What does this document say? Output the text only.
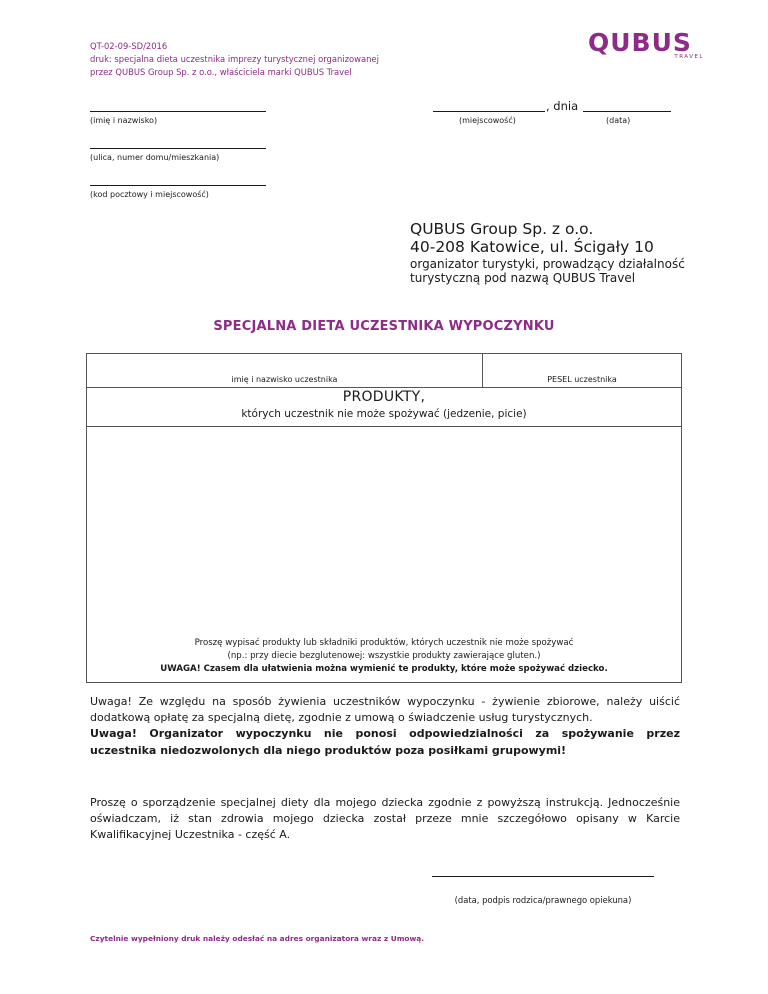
QT-02-09-SD/2016
druk: specjalna dieta uczestnika imprezy turystycznej organizowanej
przez QUBUS Group Sp. z o.o., właściciela marki QUBUS Travel
QUBUS
TRAVEL
(imię i nazwisko)
(ulica, numer domu/mieszkania)
(kod pocztowy i miejscowość)
, dnia
(miejscowość)	(data)
QUBUS Group Sp. z o.o.
40-208 Katowice, ul. Ścigały 10
organizator turystyki, prowadzący działalność
turystyczną pod nazwą QUBUS Travel
SPECJALNA DIETA UCZESTNIKA WYPOCZYNKU
imię i nazwisko uczestnika	PESEL uczestnika
PRODUKTY,
których uczestnik nie może spożywać (jedzenie, picie)
Proszę wypisać produkty lub składniki produktów, których uczestnik nie może spożywać
(np.: przy diecie bezglutenowej: wszystkie produkty zawierające gluten.)
UWAGA! Czasem dla ułatwienia można wymienić te produkty, które może spożywać dziecko.
Uwaga! Ze względu na sposób żywienia uczestników wypoczynku - żywienie zbiorowe, należy uiścić dodatkową opłatę za specjalną dietę, zgodnie z umową o świadczenie usług turystycznych.
Uwaga! Organizator wypoczynku nie ponosi odpowiedzialności za spożywanie przez uczestnika niedozwolonych dla niego produktów poza posiłkami grupowymi!
Proszę o sporządzenie specjalnej diety dla mojego dziecka zgodnie z powyższą instrukcją. Jednocześnie oświadczam, iż stan zdrowia mojego dziecka został przeze mnie szczegółowo opisany w Karcie Kwalifikacyjnej Uczestnika - część A.
(data, podpis rodzica/prawnego opiekuna)
Czytelnie wypełniony druk należy odesłać na adres organizatora wraz z Umową.
